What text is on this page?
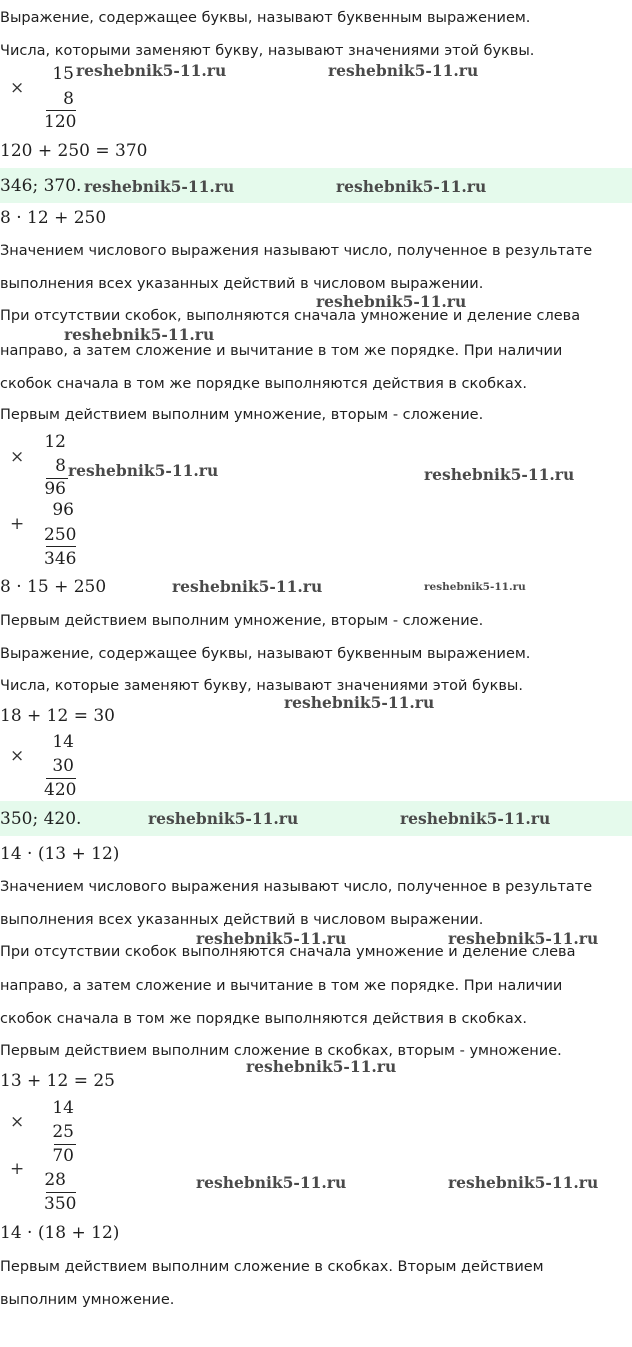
Выражение, содержащее буквы, называют буквенным выражением.
Числа, которыми заменяют букву, называют значениями этой буквы.
×
15
8
120
120 + 250 = 370
346; 370.
8 · 12 + 250
Значением числового выражения называют число, полученное в результате
выполнения всех указанных действий в числовом выражении.
При отсутствии скобок, выполняются сначала умножение и деление слева
направо, а затем сложение и вычитание в том же порядке. При наличии
скобок сначала в том же порядке выполняются действия в скобках.
Первым действием выполним умножение, вторым - сложение.
×
12
8
96
+
96
250
346
8 · 15 + 250
Первым действием выполним умножение, вторым - сложение.
Выражение, содержащее буквы, называют буквенным выражением.
Числа, которые заменяют букву, называют значениями этой буквы.
18 + 12 = 30
×
14
30
420
350; 420.
14 · (13 + 12)
Значением числового выражения называют число, полученное в результате
выполнения всех указанных действий в числовом выражении.
При отсутствии скобок выполняются сначала умножение и деление слева
направо, а затем сложение и вычитание в том же порядке. При наличии
скобок сначала в том же порядке выполняются действия в скобках.
Первым действием выполним сложение в скобках, вторым - умножение.
13 + 12 = 25
×
14
25
70
+
28
350
14 · (18 + 12)
Первым действием выполним сложение в скобках. Вторым действием
выполним умножение.
reshebnik5-11.ru	reshebnik5-11.ru
reshebnik5-11.ru	reshebnik5-11.ru
reshebnik5-11.ru
reshebnik5-11.ru
reshebnik5-11.ru	reshebnik5-11.ru
reshebnik5-11.ru	reshebnik5-11.ru
reshebnik5-11.ru
reshebnik5-11.ru	reshebnik5-11.ru
reshebnik5-11.ru	reshebnik5-11.ru
reshebnik5-11.ru
reshebnik5-11.ru	reshebnik5-11.ru
